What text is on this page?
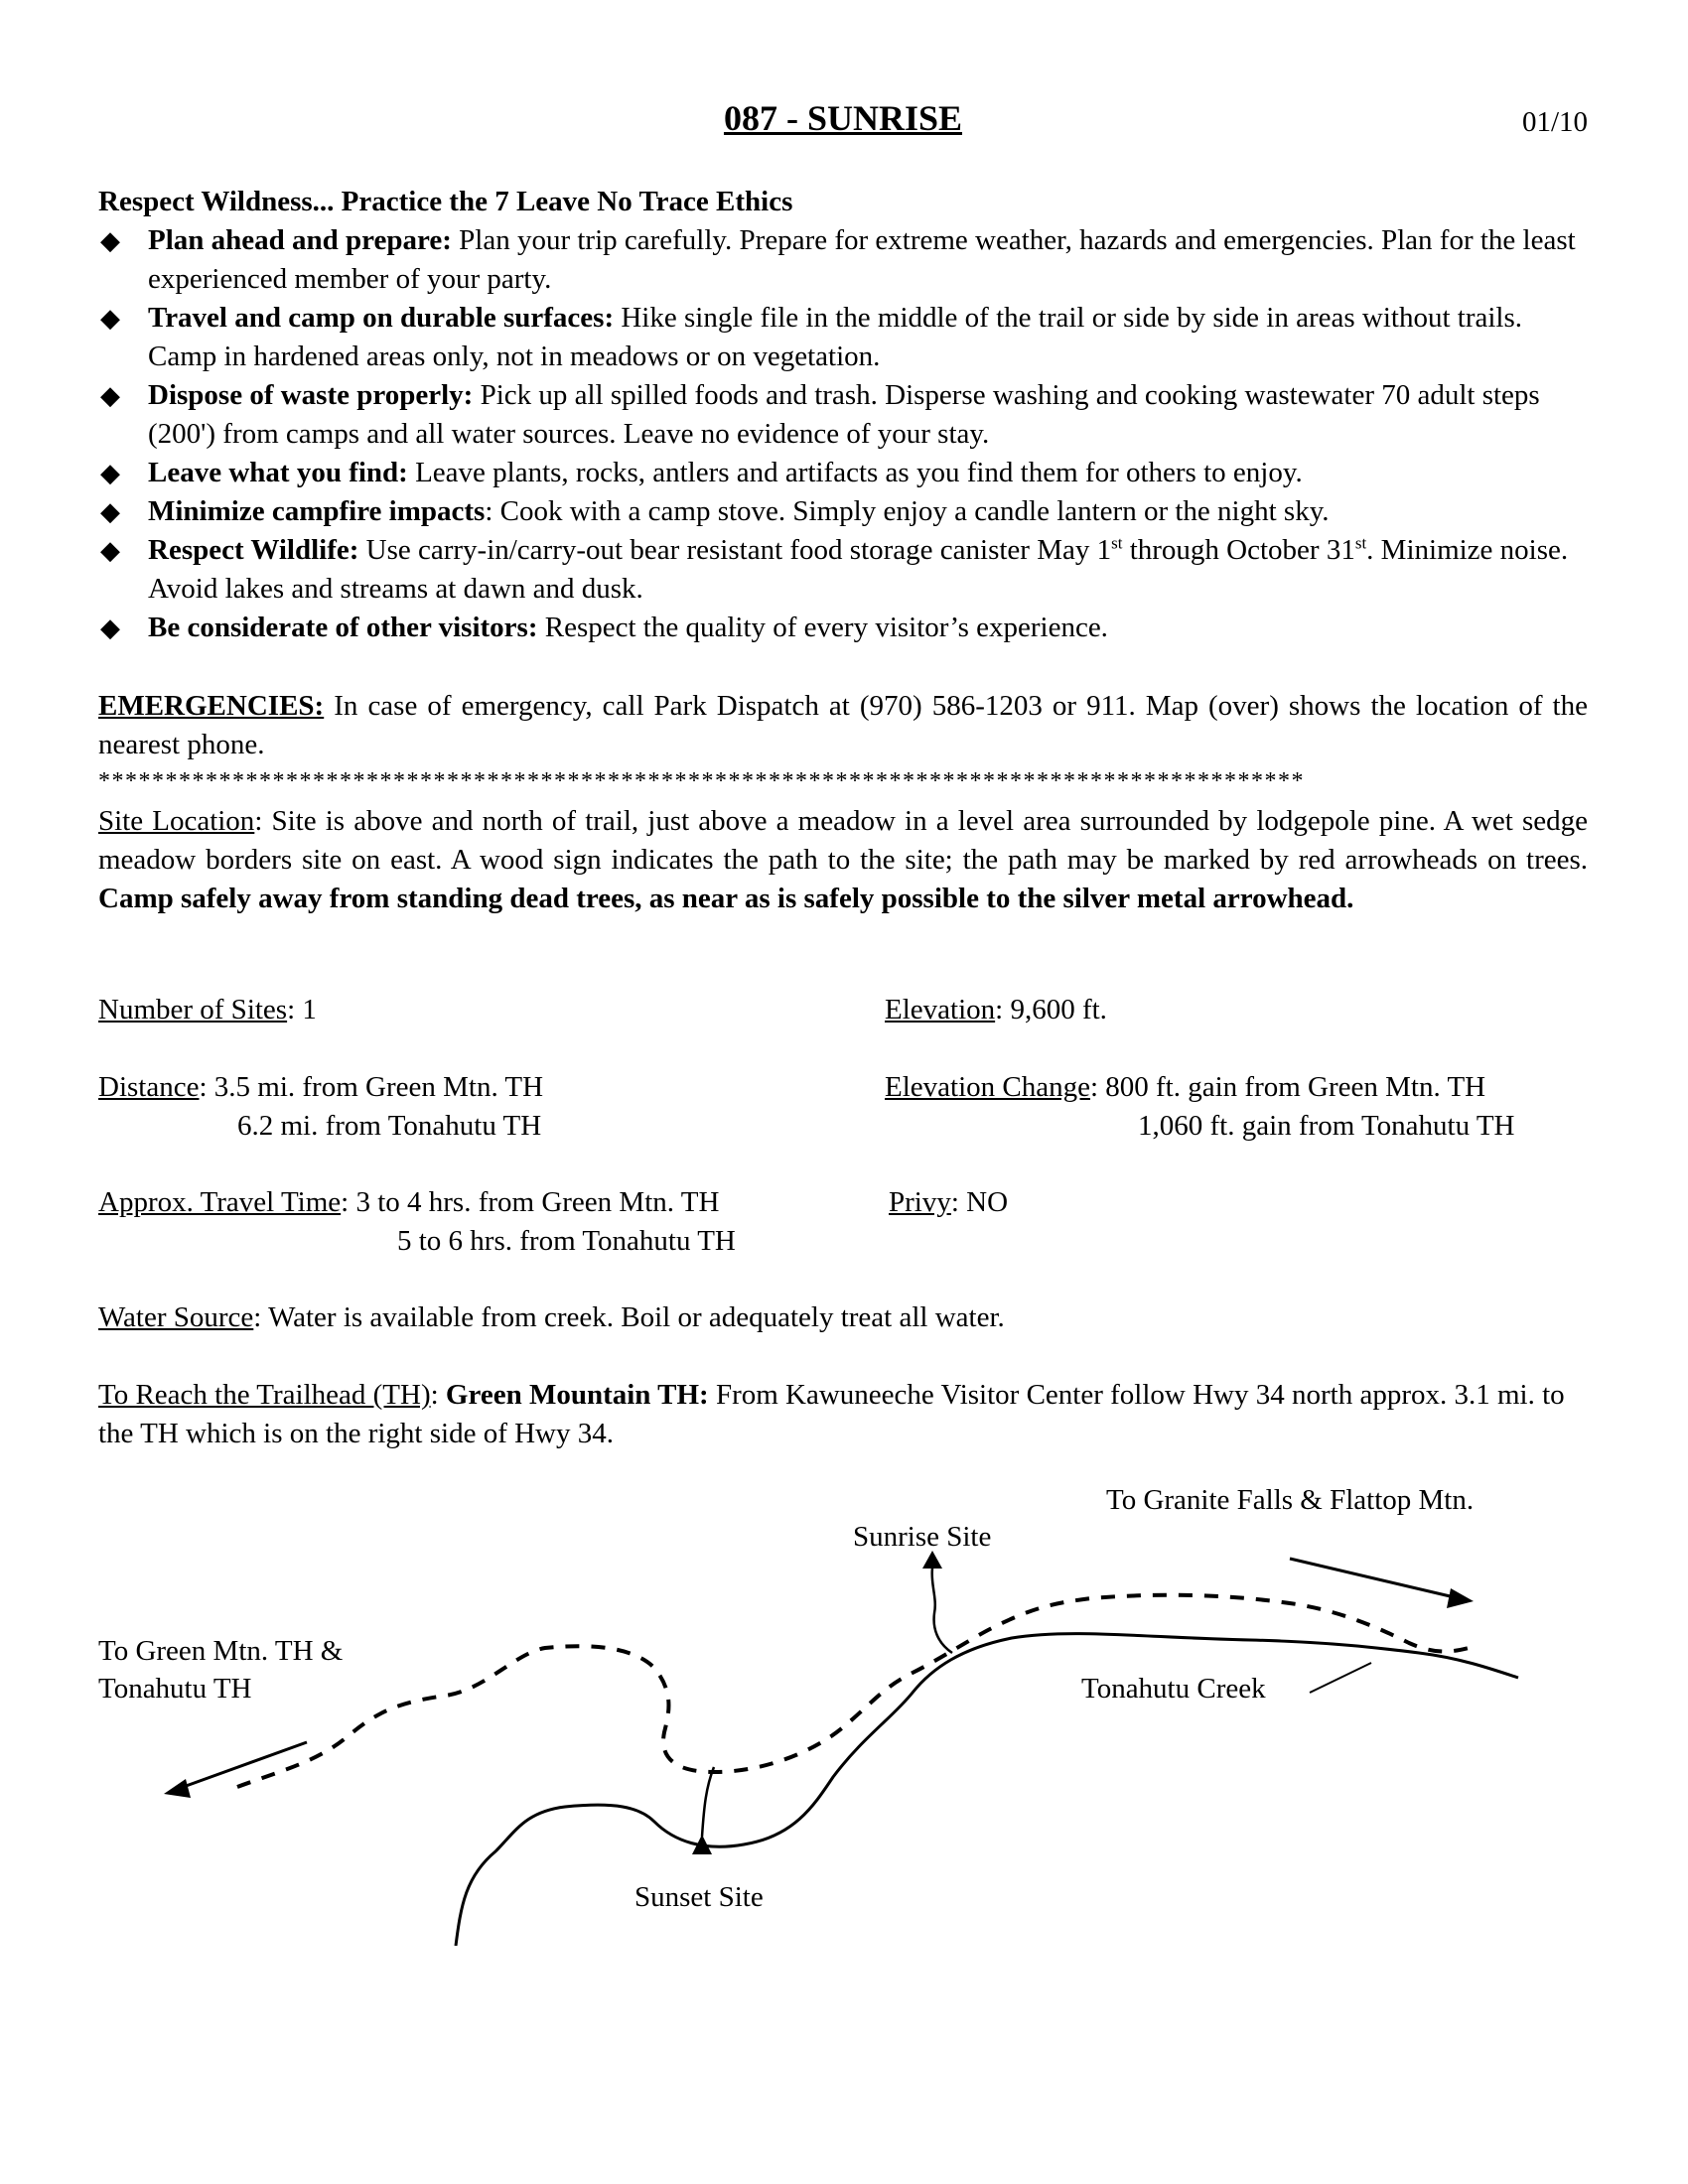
087 - SUNRISE	01/10
Respect Wildness... Practice the 7 Leave No Trace Ethics
◆ Plan ahead and prepare: Plan your trip carefully. Prepare for extreme weather, hazards and emergencies. Plan for the least experienced member of your party.
◆ Travel and camp on durable surfaces: Hike single file in the middle of the trail or side by side in areas without trails. Camp in hardened areas only, not in meadows or on vegetation.
◆ Dispose of waste properly: Pick up all spilled foods and trash. Disperse washing and cooking wastewater 70 adult steps (200') from camps and all water sources. Leave no evidence of your stay.
◆ Leave what you find: Leave plants, rocks, antlers and artifacts as you find them for others to enjoy.
◆ Minimize campfire impacts: Cook with a camp stove. Simply enjoy a candle lantern or the night sky.
◆ Respect Wildlife: Use carry-in/carry-out bear resistant food storage canister May 1st through October 31st. Minimize noise. Avoid lakes and streams at dawn and dusk.
◆ Be considerate of other visitors: Respect the quality of every visitor’s experience.
EMERGENCIES: In case of emergency, call Park Dispatch at (970) 586-1203 or 911. Map (over) shows the location of the nearest phone.
******************************************************************************************
Site Location: Site is above and north of trail, just above a meadow in a level area surrounded by lodgepole pine. A wet sedge meadow borders site on east. A wood sign indicates the path to the site; the path may be marked by red arrowheads on trees. Camp safely away from standing dead trees, as near as is safely possible to the silver metal arrowhead.
Number of Sites: 1	Elevation: 9,600 ft.
Distance: 3.5 mi. from Green Mtn. TH
6.2 mi. from Tonahutu TH
Elevation Change: 800 ft. gain from Green Mtn. TH
1,060 ft. gain from Tonahutu TH
Approx. Travel Time: 3 to 4 hrs. from Green Mtn. TH
5 to 6 hrs. from Tonahutu TH
Privy: NO
Water Source: Water is available from creek. Boil or adequately treat all water.
To Reach the Trailhead (TH): Green Mountain TH: From Kawuneeche Visitor Center follow Hwy 34 north approx. 3.1 mi. to the TH which is on the right side of Hwy 34.
To Granite Falls & Flattop Mtn.
Sunrise Site
To Green Mtn. TH &
Tonahutu TH	Tonahutu Creek
Sunset Site
